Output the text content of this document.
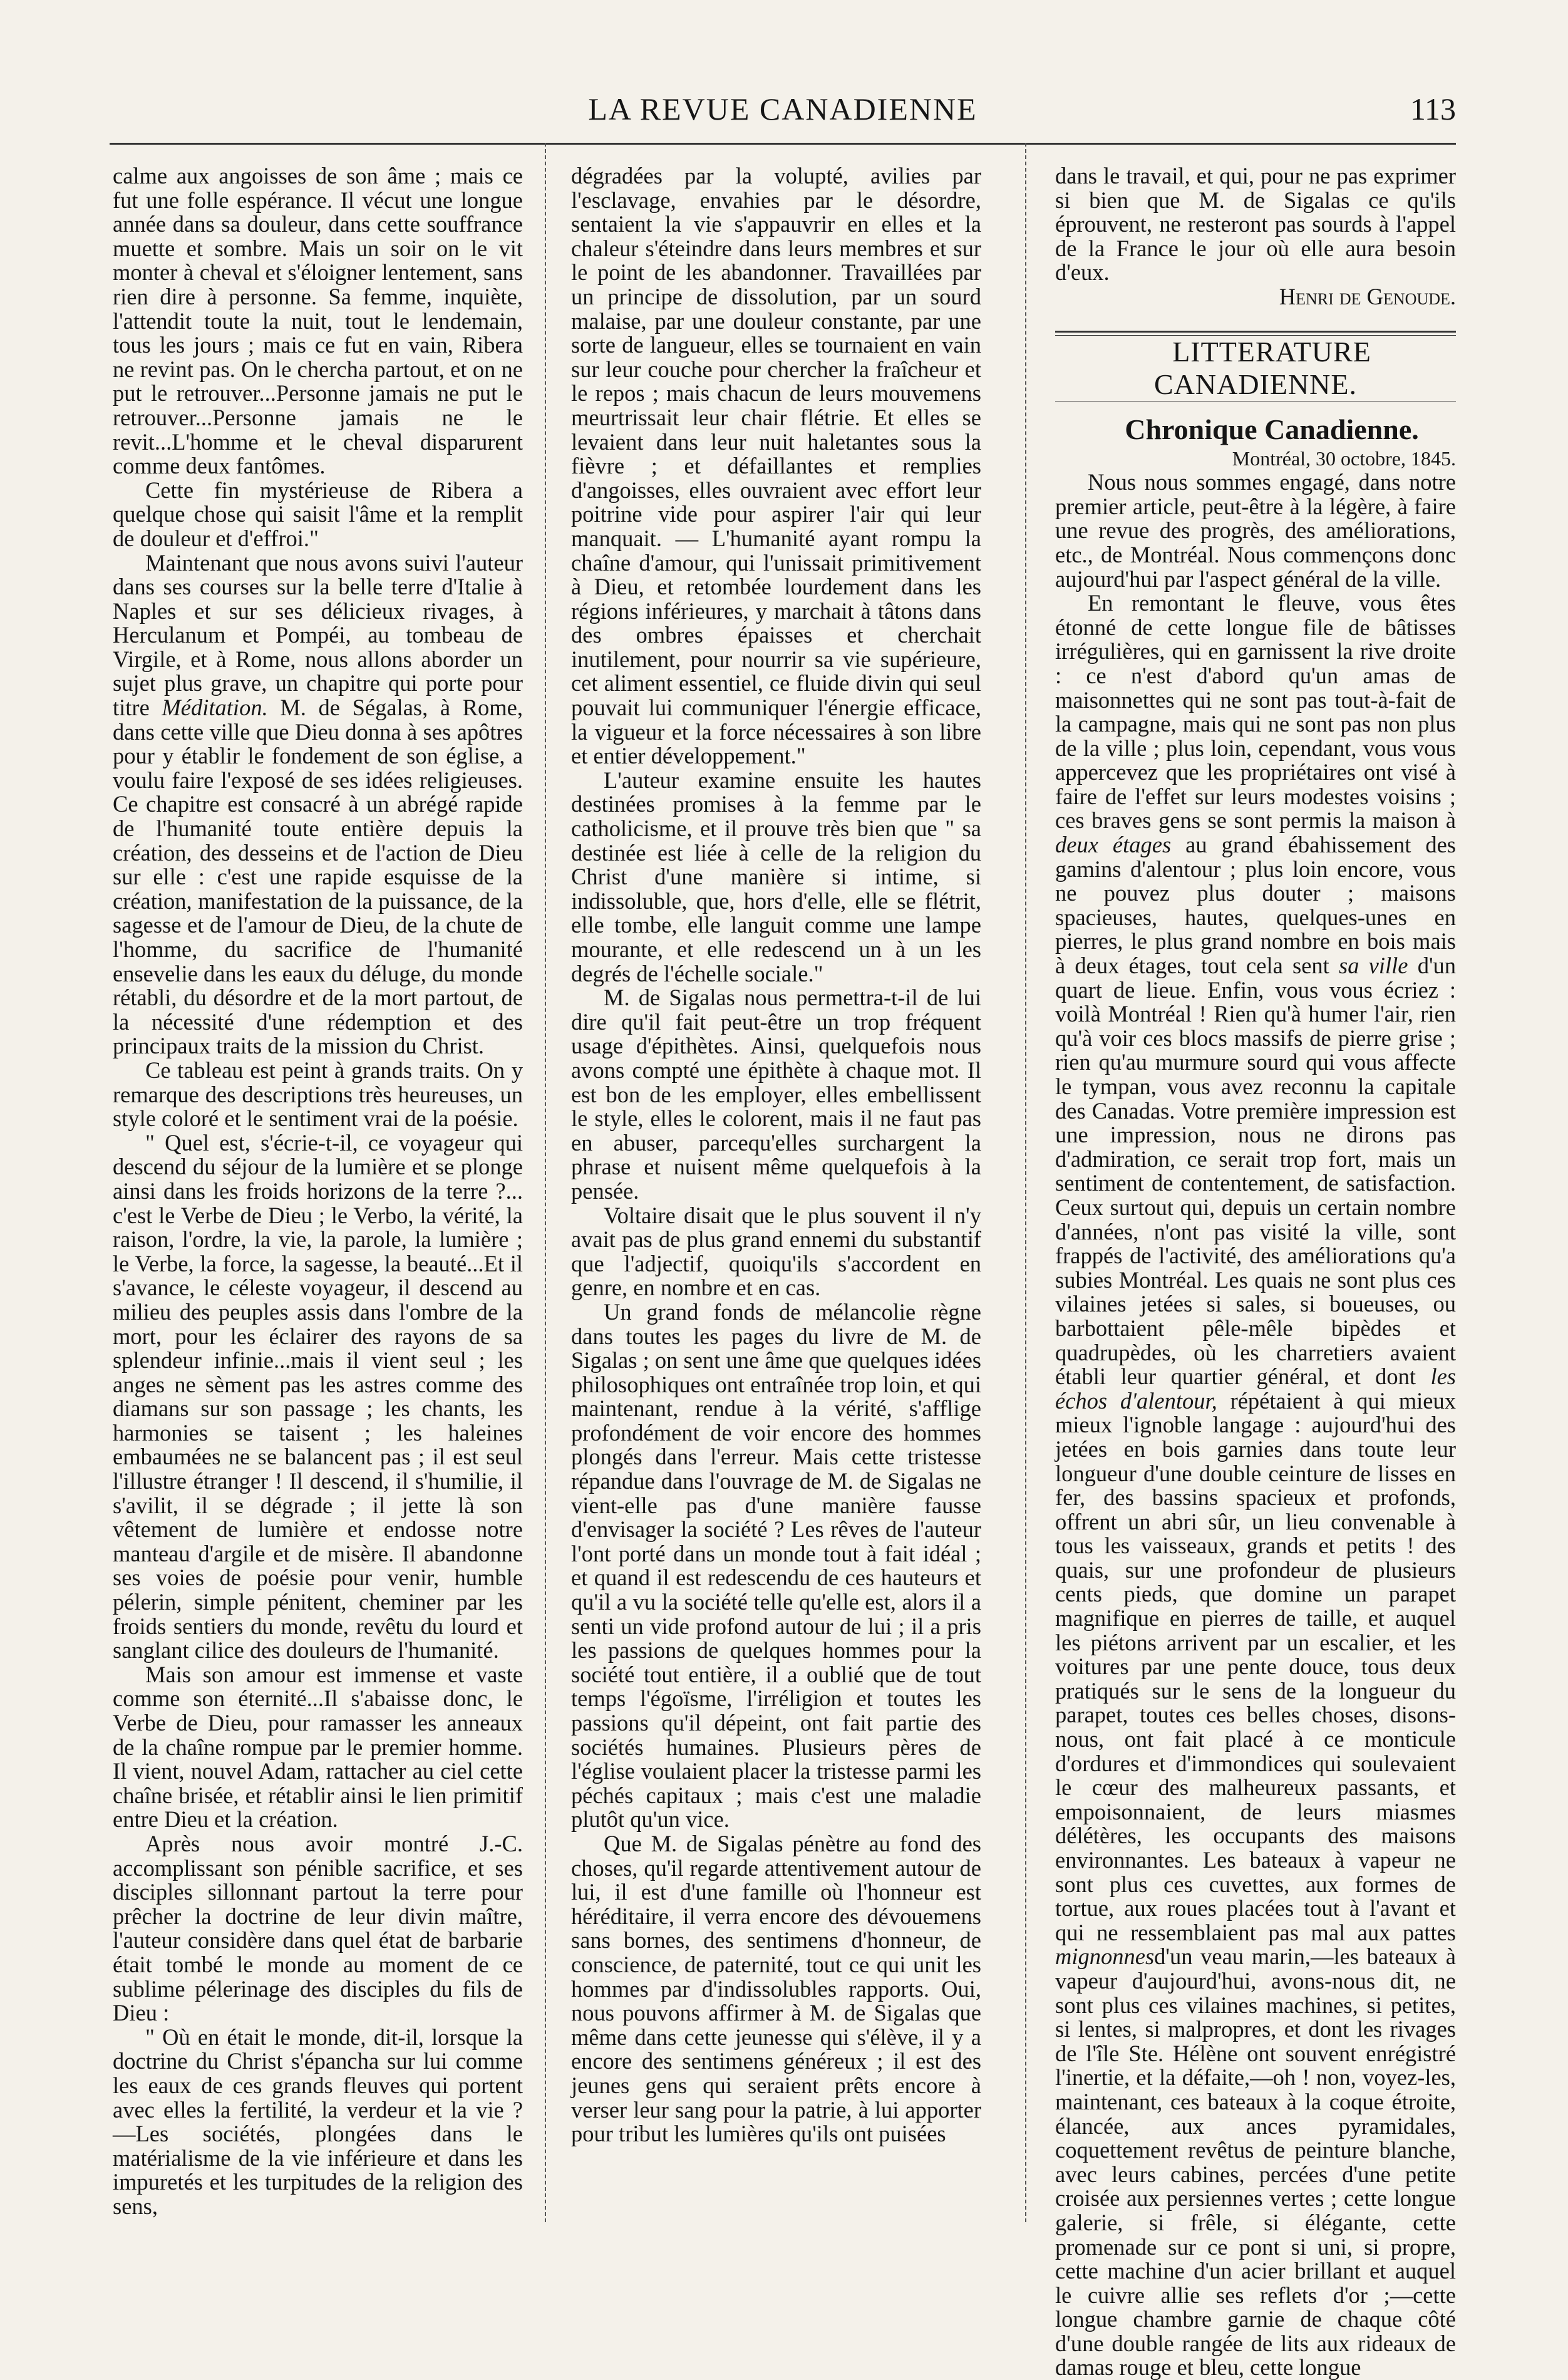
LA REVUE CANADIENNE	113

calme aux angoisses de son âme ; mais ce fut une folle espérance. Il vécut une longue année dans sa douleur, dans cette souffrance muette et sombre. Mais un soir on le vit monter à cheval et s'éloigner lentement, sans rien dire à personne. Sa femme, inquiète, l'attendit toute la nuit, tout le lendemain, tous les jours ; mais ce fut en vain, Ribera ne revint pas. On le chercha partout, et on ne put le retrouver...Personne jamais ne put le retrouver...Personne jamais ne le revit...L'homme et le cheval disparurent comme deux fantômes.

Cette fin mystérieuse de Ribera a quelque chose qui saisit l'âme et la remplit de douleur et d'effroi."

Maintenant que nous avons suivi l'auteur dans ses courses sur la belle terre d'Italie à Naples et sur ses délicieux rivages, à Herculanum et Pompéi, au tombeau de Virgile, et à Rome, nous allons aborder un sujet plus grave, un chapitre qui porte pour titre Méditation. M. de Ségalas, à Rome, dans cette ville que Dieu donna à ses apôtres pour y établir le fondement de son église, a voulu faire l'exposé de ses idées religieuses. Ce chapitre est consacré à un abrégé rapide de l'humanité toute entière depuis la création, des desseins et de l'action de Dieu sur elle : c'est une rapide esquisse de la création, manifestation de la puissance, de la sagesse et de l'amour de Dieu, de la chute de l'homme, du sacrifice de l'humanité ensevelie dans les eaux du déluge, du monde rétabli, du désordre et de la mort partout, de la nécessité d'une rédemption et des principaux traits de la mission du Christ.

Ce tableau est peint à grands traits. On y remarque des descriptions très heureuses, un style coloré et le sentiment vrai de la poésie.

" Quel est, s'écrie-t-il, ce voyageur qui descend du séjour de la lumière et se plonge ainsi dans les froids horizons de la terre ?... c'est le Verbe de Dieu ; le Verbo, la vérité, la raison, l'ordre, la vie, la parole, la lumière ; le Verbe, la force, la sagesse, la beauté...Et il s'avance, le céleste voyageur, il descend au milieu des peuples assis dans l'ombre de la mort, pour les éclairer des rayons de sa splendeur infinie...mais il vient seul ; les anges ne sèment pas les astres comme des diamans sur son passage ; les chants, les harmonies se taisent ; les haleines embaumées ne se balancent pas ; il est seul l'illustre étranger ! Il descend, il s'humilie, il s'avilit, il se dégrade ; il jette là son vêtement de lumière et endosse notre manteau d'argile et de misère. Il abandonne ses voies de poésie pour venir, humble pélerin, simple pénitent, cheminer par les froids sentiers du monde, revêtu du lourd et sanglant cilice des douleurs de l'humanité.

Mais son amour est immense et vaste comme son éternité...Il s'abaisse donc, le Verbe de Dieu, pour ramasser les anneaux de la chaîne rompue par le premier homme. Il vient, nouvel Adam, rattacher au ciel cette chaîne brisée, et rétablir ainsi le lien primitif entre Dieu et la création.

Après nous avoir montré J.-C. accomplissant son pénible sacrifice, et ses disciples sillonnant partout la terre pour prêcher la doctrine de leur divin maître, l'auteur considère dans quel état de barbarie était tombé le monde au moment de ce sublime pélerinage des disciples du fils de Dieu :

" Où en était le monde, dit-il, lorsque la doctrine du Christ s'épancha sur lui comme les eaux de ces grands fleuves qui portent avec elles la fertilité, la verdeur et la vie ? —Les sociétés, plongées dans le matérialisme de la vie inférieure et dans les impuretés et les turpitudes de la religion des sens,

dégradées par la volupté, avilies par l'esclavage, envahies par le désordre, sentaient la vie s'appauvrir en elles et la chaleur s'éteindre dans leurs membres et sur le point de les abandonner. Travaillées par un principe de dissolution, par un sourd malaise, par une douleur constante, par une sorte de langueur, elles se tournaient en vain sur leur couche pour chercher la fraîcheur et le repos ; mais chacun de leurs mouvemens meurtrissait leur chair flétrie. Et elles se levaient dans leur nuit haletantes sous la fièvre ; et défaillantes et remplies d'angoisses, elles ouvraient avec effort leur poitrine vide pour aspirer l'air qui leur manquait. — L'humanité ayant rompu la chaîne d'amour, qui l'unissait primitivement à Dieu, et retombée lourdement dans les régions inférieures, y marchait à tâtons dans des ombres épaisses et cherchait inutilement, pour nourrir sa vie supérieure, cet aliment essentiel, ce fluide divin qui seul pouvait lui communiquer l'énergie efficace, la vigueur et la force nécessaires à son libre et entier développement."

L'auteur examine ensuite les hautes destinées promises à la femme par le catholicisme, et il prouve très bien que " sa destinée est liée à celle de la religion du Christ d'une manière si intime, si indissoluble, que, hors d'elle, elle se flétrit, elle tombe, elle languit comme une lampe mourante, et elle redescend un à un les degrés de l'échelle sociale."

M. de Sigalas nous permettra-t-il de lui dire qu'il fait peut-être un trop fréquent usage d'épithètes. Ainsi, quelquefois nous avons compté une épithète à chaque mot. Il est bon de les employer, elles embellissent le style, elles le colorent, mais il ne faut pas en abuser, parcequ'elles surchargent la phrase et nuisent même quelquefois à la pensée.

Voltaire disait que le plus souvent il n'y avait pas de plus grand ennemi du substantif que l'adjectif, quoiqu'ils s'accordent en genre, en nombre et en cas.

Un grand fonds de mélancolie règne dans toutes les pages du livre de M. de Sigalas ; on sent une âme que quelques idées philosophiques ont entraînée trop loin, et qui maintenant, rendue à la vérité, s'afflige profondément de voir encore des hommes plongés dans l'erreur. Mais cette tristesse répandue dans l'ouvrage de M. de Sigalas ne vient-elle pas d'une manière fausse d'envisager la société ? Les rêves de l'auteur l'ont porté dans un monde tout à fait idéal ; et quand il est redescendu de ces hauteurs et qu'il a vu la société telle qu'elle est, alors il a senti un vide profond autour de lui ; il a pris les passions de quelques hommes pour la société tout entière, il a oublié que de tout temps l'égoïsme, l'irréligion et toutes les passions qu'il dépeint, ont fait partie des sociétés humaines. Plusieurs pères de l'église voulaient placer la tristesse parmi les péchés capitaux ; mais c'est une maladie plutôt qu'un vice.

Que M. de Sigalas pénètre au fond des choses, qu'il regarde attentivement autour de lui, il est d'une famille où l'honneur est héréditaire, il verra encore des dévouemens sans bornes, des sentimens d'honneur, de conscience, de paternité, tout ce qui unit les hommes par d'indissolubles rapports. Oui, nous pouvons affirmer à M. de Sigalas que même dans cette jeunesse qui s'élève, il y a encore des sentimens généreux ; il est des jeunes gens qui seraient prêts encore à verser leur sang pour la patrie, à lui apporter pour tribut les lumières qu'ils ont puisées

dans le travail, et qui, pour ne pas exprimer si bien que M. de Sigalas ce qu'ils éprouvent, ne resteront pas sourds à l'appel de la France le jour où elle aura besoin d'eux.

Henri de Genoude.

LITTERATURE CANADIENNE.

Chronique Canadienne.

Montréal, 30 octobre, 1845.

Nous nous sommes engagé, dans notre premier article, peut-être à la légère, à faire une revue des progrès, des améliorations, etc., de Montréal. Nous commençons donc aujourd'hui par l'aspect général de la ville.

En remontant le fleuve, vous êtes étonné de cette longue file de bâtisses irrégulières, qui en garnissent la rive droite : ce n'est d'abord qu'un amas de maisonnettes qui ne sont pas tout-à-fait de la campagne, mais qui ne sont pas non plus de la ville ; plus loin, cependant, vous vous appercevez que les propriétaires ont visé à faire de l'effet sur leurs modestes voisins ; ces braves gens se sont permis la maison à deux étages au grand ébahissement des gamins d'alentour ; plus loin encore, vous ne pouvez plus douter ; maisons spacieuses, hautes, quelques-unes en pierres, le plus grand nombre en bois mais à deux étages, tout cela sent sa ville d'un quart de lieue. Enfin, vous vous écriez : voilà Montréal ! Rien qu'à humer l'air, rien qu'à voir ces blocs massifs de pierre grise ; rien qu'au murmure sourd qui vous affecte le tympan, vous avez reconnu la capitale des Canadas. Votre première impression est une impression, nous ne dirons pas d'admiration, ce serait trop fort, mais un sentiment de contentement, de satisfaction. Ceux surtout qui, depuis un certain nombre d'années, n'ont pas visité la ville, sont frappés de l'activité, des améliorations qu'a subies Montréal. Les quais ne sont plus ces vilaines jetées si sales, si boueuses, ou barbottaient pêle-mêle bipèdes et quadrupèdes, où les charretiers avaient établi leur quartier général, et dont les échos d'alentour, répétaient à qui mieux mieux l'ignoble langage : aujourd'hui des jetées en bois garnies dans toute leur longueur d'une double ceinture de lisses en fer, des bassins spacieux et profonds, offrent un abri sûr, un lieu convenable à tous les vaisseaux, grands et petits ! des quais, sur une profondeur de plusieurs cents pieds, que domine un parapet magnifique en pierres de taille, et auquel les piétons arrivent par un escalier, et les voitures par une pente douce, tous deux pratiqués sur le sens de la longueur du parapet, toutes ces belles choses, disons-nous, ont fait placé à ce monticule d'ordures et d'immondices qui soulevaient le cœur des malheureux passants, et empoisonnaient, de leurs miasmes délétères, les occupants des maisons environnantes. Les bateaux à vapeur ne sont plus ces cuvettes, aux formes de tortue, aux roues placées tout à l'avant et qui ne ressemblaient pas mal aux pattes mignonnesd'un veau marin,—les bateaux à vapeur d'aujourd'hui, avons-nous dit, ne sont plus ces vilaines machines, si petites, si lentes, si malpropres, et dont les rivages de l'île Ste. Hélène ont souvent enrégistré l'inertie, et la défaite,—oh ! non, voyez-les, maintenant, ces bateaux à la coque étroite, élancée, aux ances pyramidales, coquettement revêtus de peinture blanche, avec leurs cabines, percées d'une petite croisée aux persiennes vertes ; cette longue galerie, si frêle, si élégante, cette promenade sur ce pont si uni, si propre, cette machine d'un acier brillant et auquel le cuivre allie ses reflets d'or ;—cette longue chambre garnie de chaque côté d'une double rangée de lits aux rideaux de damas rouge et bleu, cette longue
